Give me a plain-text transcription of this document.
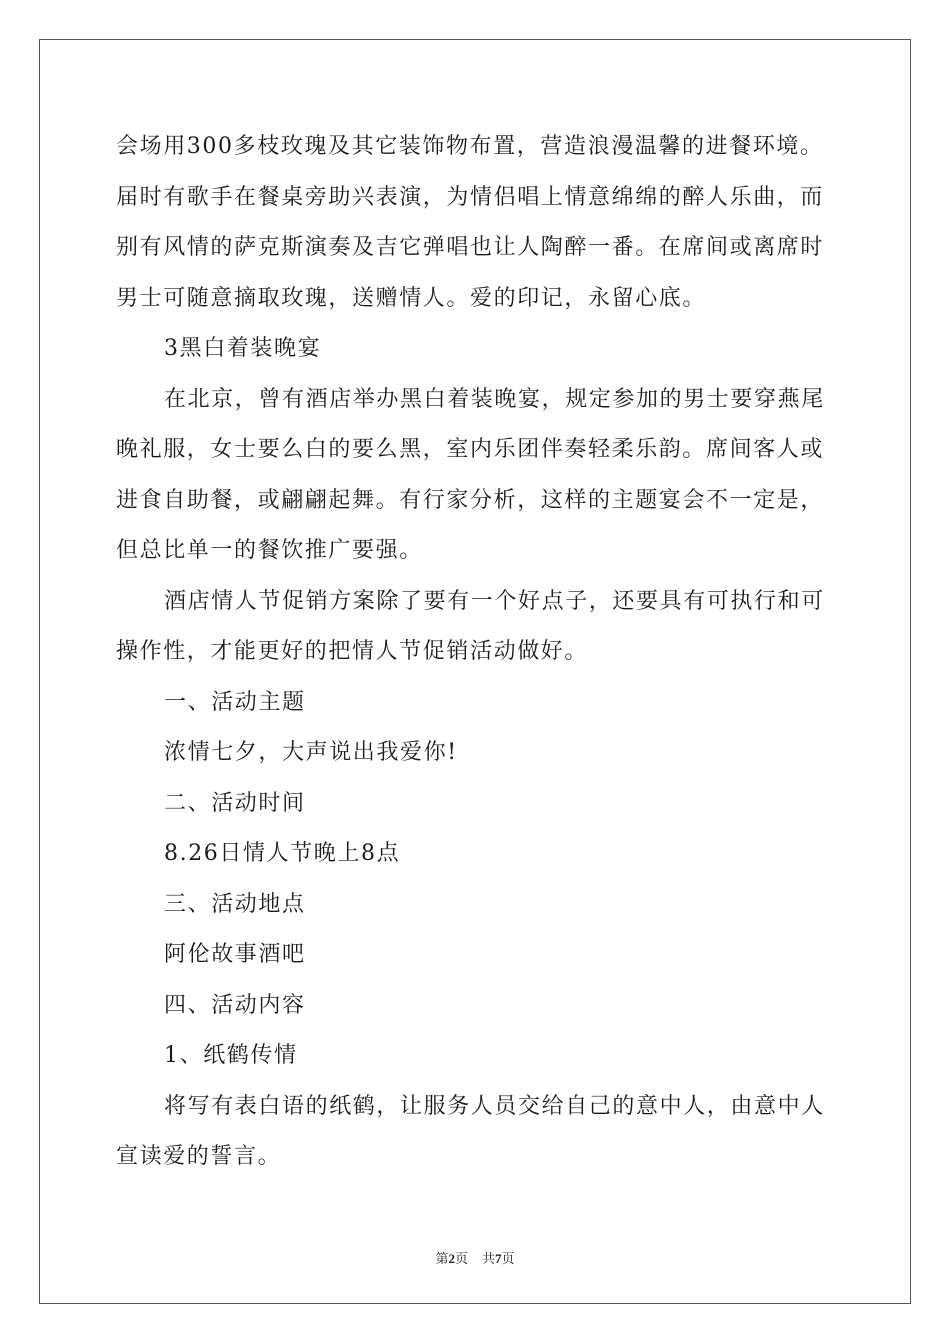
会场用300多枝玫瑰及其它装饰物布置，营造浪漫温馨的进餐环境。
届时有歌手在餐桌旁助兴表演，为情侣唱上情意绵绵的醉人乐曲，而
别有风情的萨克斯演奏及吉它弹唱也让人陶醉一番。在席间或离席时
男士可随意摘取玫瑰，送赠情人。爱的印记，永留心底。
3黑白着装晚宴
在北京，曾有酒店举办黑白着装晚宴，规定参加的男士要穿燕尾
晚礼服，女士要么白的要么黑，室内乐团伴奏轻柔乐韵。席间客人或
进食自助餐，或翩翩起舞。有行家分析，这样的主题宴会不一定是，
但总比单一的餐饮推广要强。
酒店情人节促销方案除了要有一个好点子，还要具有可执行和可
操作性，才能更好的把情人节促销活动做好。
一、活动主题
浓情七夕，大声说出我爱你!
二、活动时间
8.26日情人节晚上8点
三、活动地点
阿伦故事酒吧
四、活动内容
1、纸鹤传情
将写有表白语的纸鹤，让服务人员交给自己的意中人，由意中人
宣读爱的誓言。
第2页 共7页
